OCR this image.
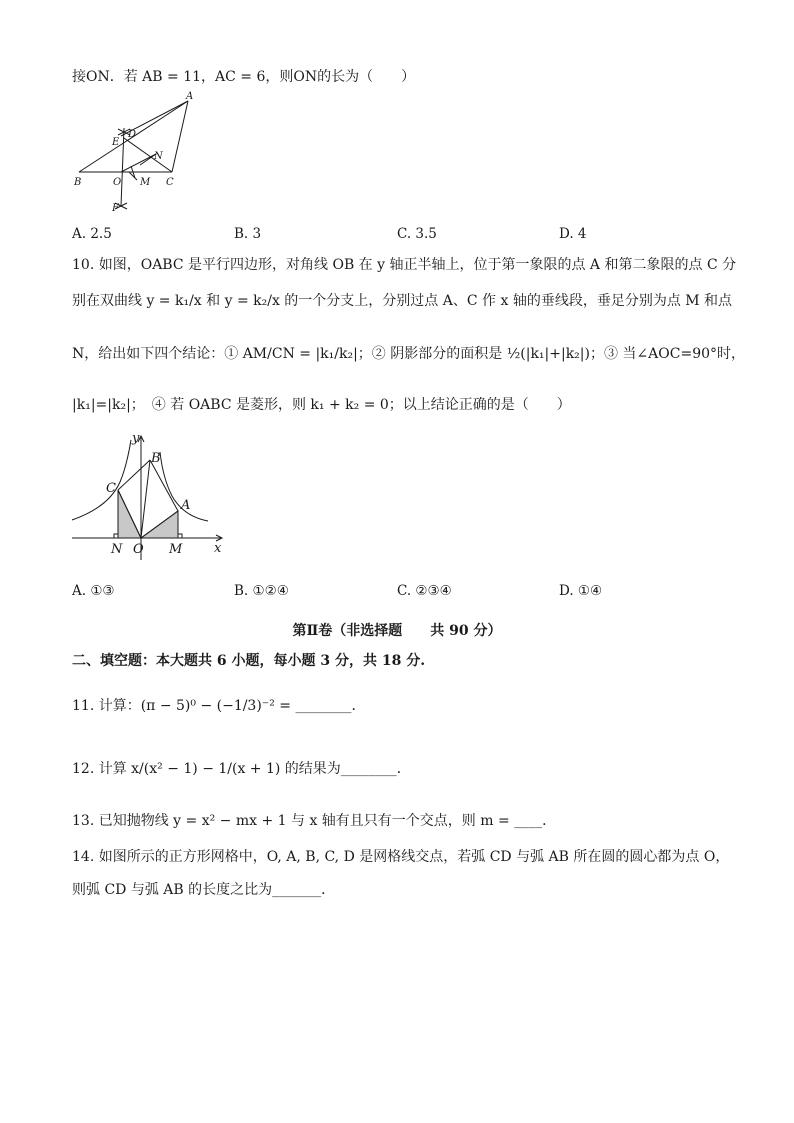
接ON．若 AB = 11，AC = 6，则ON的长为（　　）
A
D
E
N
B	O M C
F
A. 2.5	B. 3	C. 3.5	D. 4
10. 如图，OABC 是平行四边形，对角线 OB 在 y 轴正半轴上，位于第一象限的点 A 和第二象限的点 C 分
别在双曲线 y = k₁/x 和 y = k₂/x 的一个分支上，分别过点 A、C 作 x 轴的垂线段，垂足分别为点 M 和点
N，给出如下四个结论：① AM/CN = |k₁/k₂|；② 阴影部分的面积是 ½(|k₁|+|k₂|)；③ 当∠AOC=90°时，
|k₁|=|k₂|；　④ 若 OABC 是菱形，则 k₁ + k₂ = 0；以上结论正确的是（　　）
y
x
B
C
A
N O M
A. ①③	B. ①②④	C. ②③④	D. ①④
第Ⅱ卷（非选择题　　共 90 分）
二、填空题：本大题共 6 小题，每小题 3 分，共 18 分.
11. 计算：(π − 5)⁰ − (−1/3)⁻² = ________．
12. 计算 x/(x² − 1) − 1/(x + 1) 的结果为________．
13. 已知抛物线 y = x² − mx + 1 与 x 轴有且只有一个交点，则 m = ____．
14. 如图所示的正方形网格中，O, A, B, C, D 是网格线交点，若弧 CD 与弧 AB 所在圆的圆心都为点 O，
则弧 CD 与弧 AB 的长度之比为_______．
